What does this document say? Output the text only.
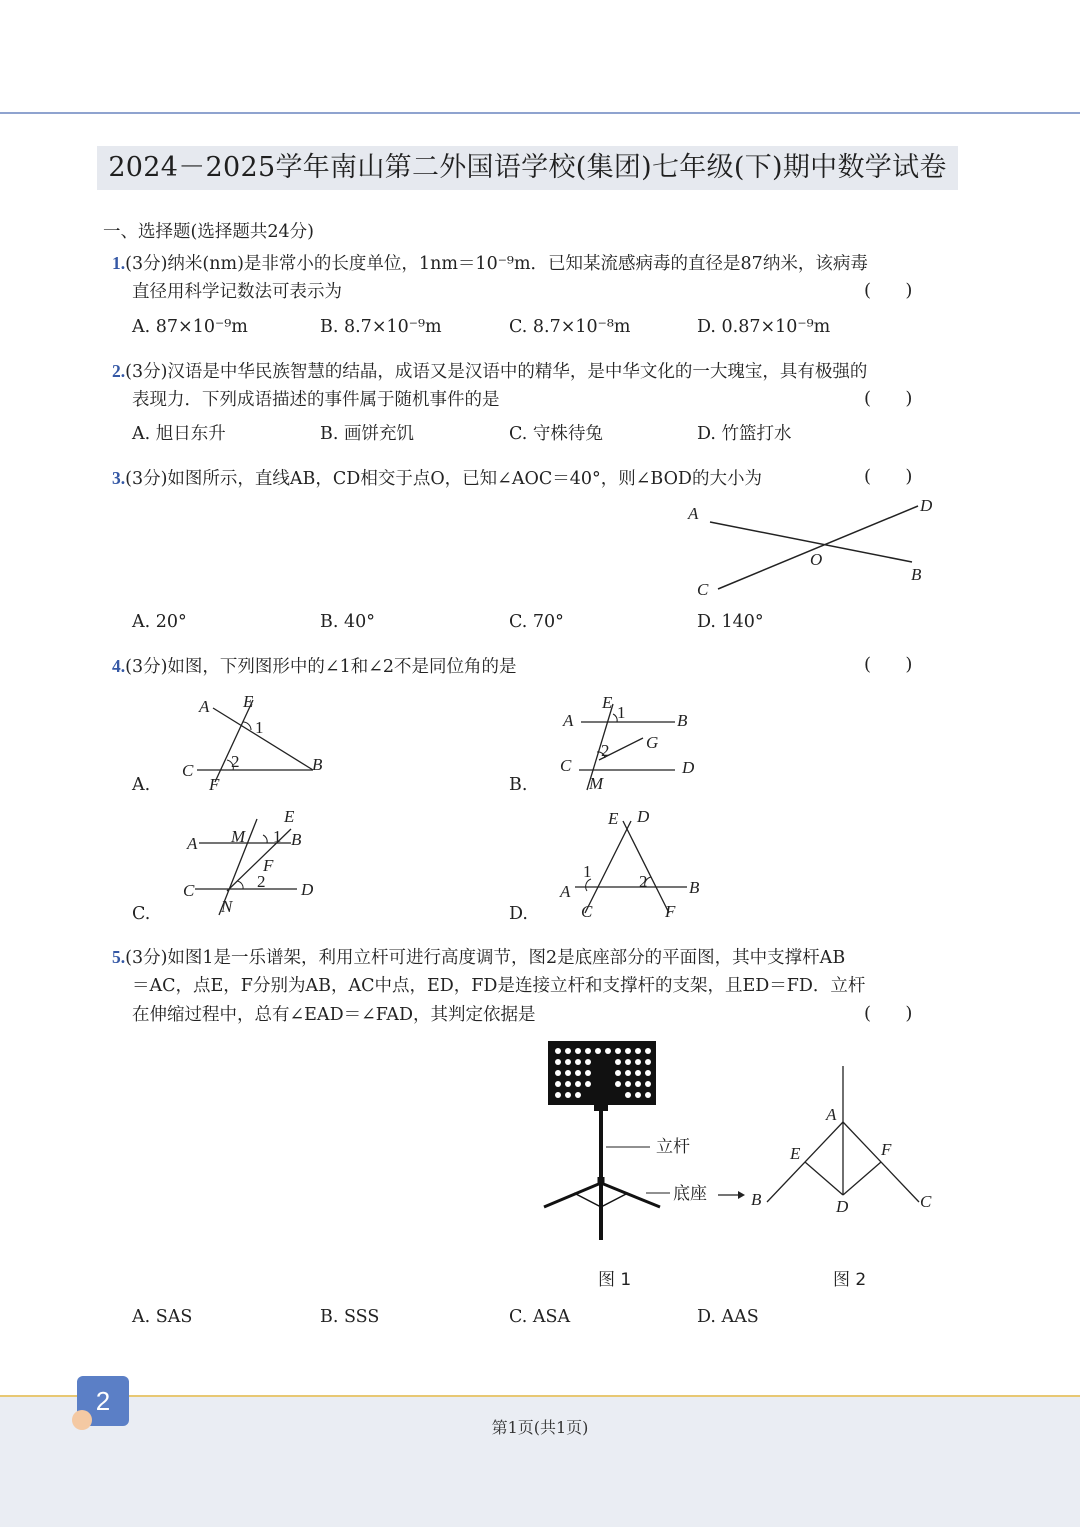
2024－2025学年南山第二外国语学校(集团)七年级(下)期中数学试卷
一、选择题(选择题共24分)
1.(3分)纳米(nm)是非常小的长度单位，1nm＝10⁻⁹m．已知某流感病毒的直径是87纳米，该病毒
直径用科学记数法可表示为	(      )
A. 87×10⁻⁹m	B. 8.7×10⁻⁹m	C. 8.7×10⁻⁸m	D. 0.87×10⁻⁹m
2.(3分)汉语是中华民族智慧的结晶，成语又是汉语中的精华，是中华文化的一大瑰宝，具有极强的
表现力．下列成语描述的事件属于随机事件的是	(      )
A. 旭日东升	B. 画饼充饥	C. 守株待兔	D. 竹篮打水
3.(3分)如图所示，直线AB，CD相交于点O，已知∠AOC＝40°，则∠BOD的大小为	(      )
A	D
O
B
C
A. 20°	B. 40°	C. 70°	D. 140°
4.(3分)如图，下列图形中的∠1和∠2不是同位角的是	(      )
A.
A E
1
2
C	B
F	B.
E
1
A	B
G
2
C	D
M
C.
E
M 1 B
A
F
2
C	D
N	D.
E D
1
2 B
A
C	F
5.(3分)如图1是一乐谱架，利用立杆可进行高度调节，图2是底座部分的平面图，其中支撑杆AB
＝AC，点E，F分别为AB，AC中点，ED，FD是连接立杆和支撑杆的支架，且ED＝FD．立杆
在伸缩过程中，总有∠EAD＝∠FAD，其判定依据是	(      )
立杆
底座
图 1
A
E	F
B	D	C
图 2
A. SAS	B. SSS	C. ASA	D. AAS
2
第1页(共1页)
